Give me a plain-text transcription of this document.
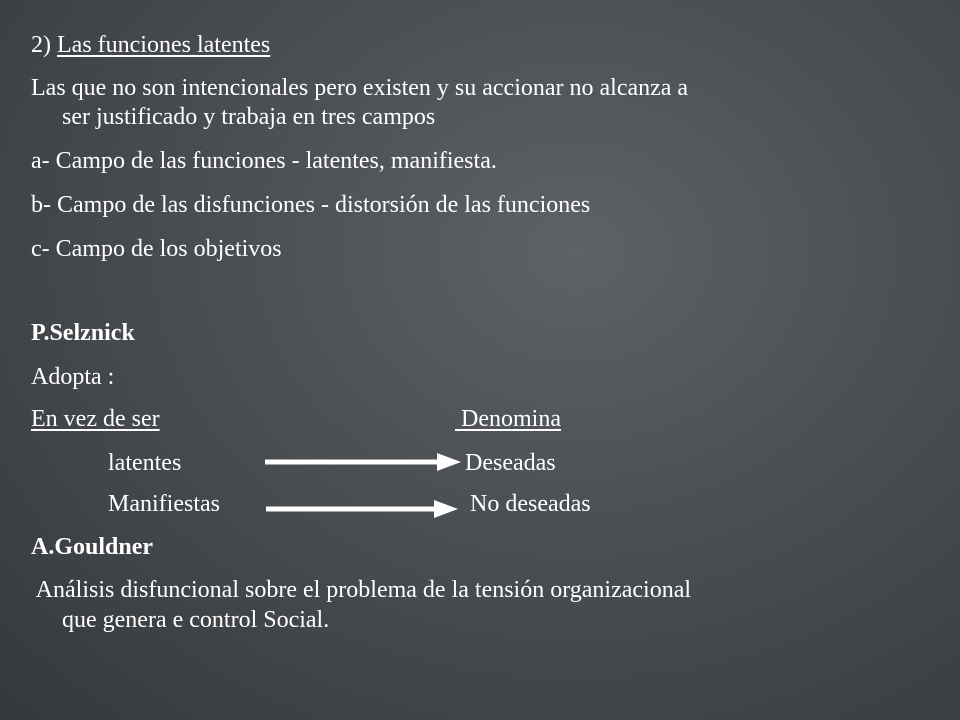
2) Las funciones latentes
Las que no son intencionales pero existen y su accionar no alcanza a
ser justificado y trabaja en tres campos
a- Campo de las funciones - latentes, manifiesta.
b- Campo de las disfunciones - distorsión de las funciones
c- Campo de los objetivos
P.Selznick
Adopta :
En vez de ser	Denomina
latentes	Deseadas
Manifiestas	No deseadas
A.Gouldner
Análisis disfuncional sobre el problema de la tensión organizacional
que genera e control Social.
